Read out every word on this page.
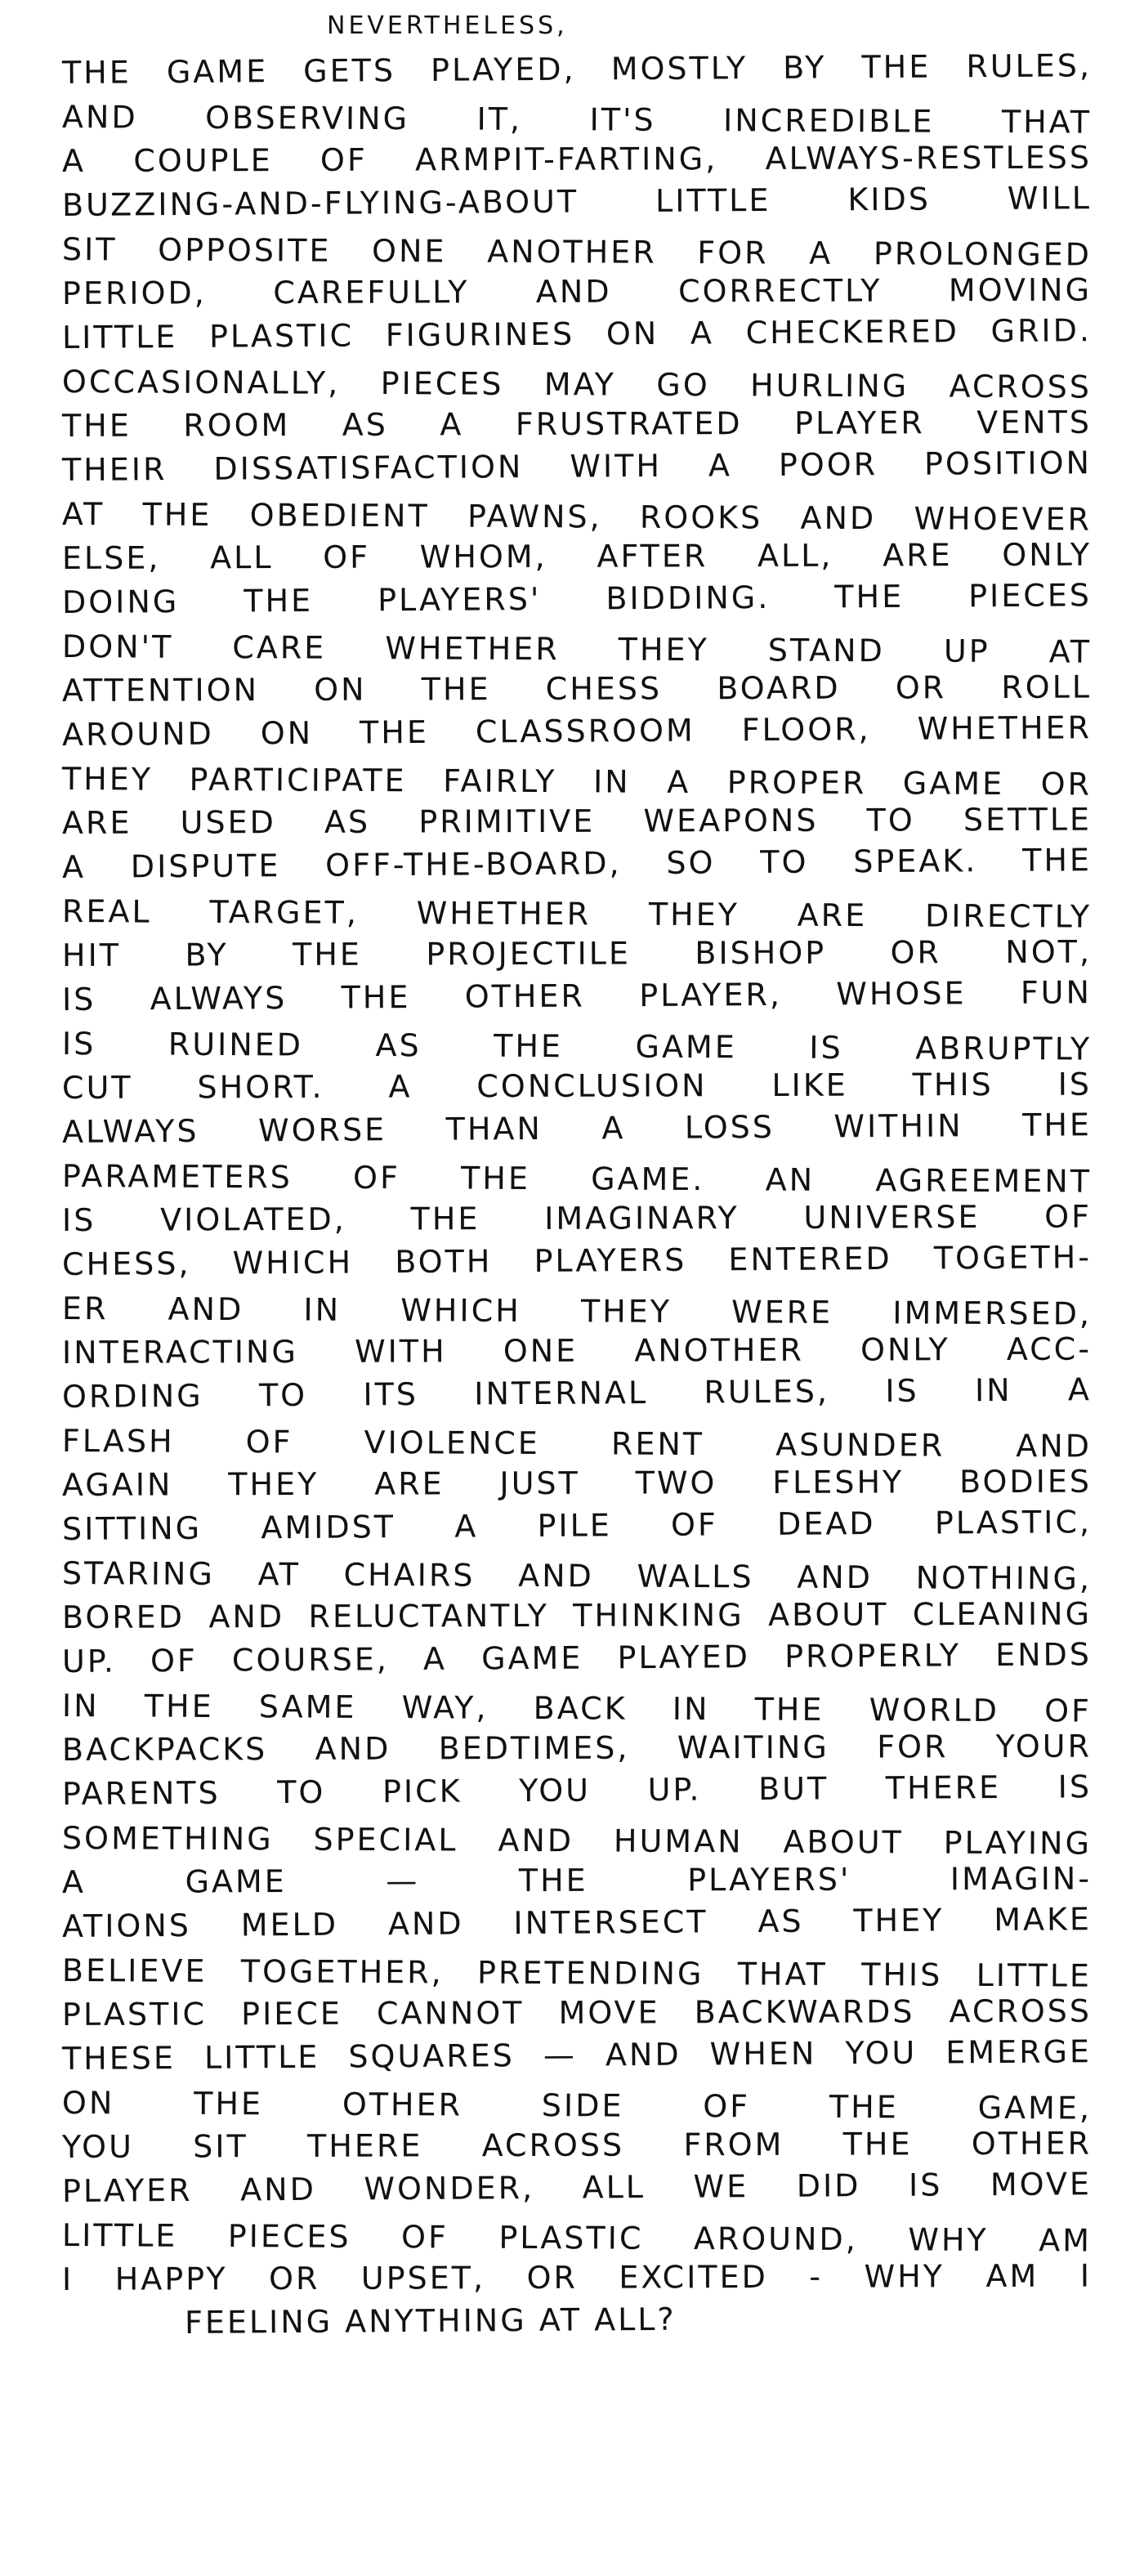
NEVERTHELESS,
THE GAME GETS PLAYED, MOSTLY BY THE RULES,
AND OBSERVING IT, IT'S INCREDIBLE THAT
A COUPLE OF ARMPIT-FARTING, ALWAYS-RESTLESS
BUZZING-AND-FLYING-ABOUT LITTLE KIDS WILL
SIT OPPOSITE ONE ANOTHER FOR A PROLONGED
PERIOD, CAREFULLY AND CORRECTLY MOVING
LITTLE PLASTIC FIGURINES ON A CHECKERED GRID.
OCCASIONALLY, PIECES MAY GO HURLING ACROSS
THE ROOM AS A FRUSTRATED PLAYER VENTS
THEIR DISSATISFACTION WITH A POOR POSITION
AT THE OBEDIENT PAWNS, ROOKS AND WHOEVER
ELSE, ALL OF WHOM, AFTER ALL, ARE ONLY
DOING THE PLAYERS' BIDDING. THE PIECES
DON'T CARE WHETHER THEY STAND UP AT
ATTENTION ON THE CHESS BOARD OR ROLL
AROUND ON THE CLASSROOM FLOOR, WHETHER
THEY PARTICIPATE FAIRLY IN A PROPER GAME OR
ARE USED AS PRIMITIVE WEAPONS TO SETTLE
A DISPUTE OFF-THE-BOARD, SO TO SPEAK. THE
REAL TARGET, WHETHER THEY ARE DIRECTLY
HIT BY THE PROJECTILE BISHOP OR NOT,
IS ALWAYS THE OTHER PLAYER, WHOSE FUN
IS RUINED AS THE GAME IS ABRUPTLY
CUT SHORT. A CONCLUSION LIKE THIS IS
ALWAYS WORSE THAN A LOSS WITHIN THE
PARAMETERS OF THE GAME. AN AGREEMENT
IS VIOLATED, THE IMAGINARY UNIVERSE OF
CHESS, WHICH BOTH PLAYERS ENTERED TOGETH-
ER AND IN WHICH THEY WERE IMMERSED,
INTERACTING WITH ONE ANOTHER ONLY ACC-
ORDING TO ITS INTERNAL RULES, IS IN A
FLASH OF VIOLENCE RENT ASUNDER AND
AGAIN THEY ARE JUST TWO FLESHY BODIES
SITTING AMIDST A PILE OF DEAD PLASTIC,
STARING AT CHAIRS AND WALLS AND NOTHING,
BORED AND RELUCTANTLY THINKING ABOUT CLEANING
UP. OF COURSE, A GAME PLAYED PROPERLY ENDS
IN THE SAME WAY, BACK IN THE WORLD OF
BACKPACKS AND BEDTIMES, WAITING FOR YOUR
PARENTS TO PICK YOU UP. BUT THERE IS
SOMETHING SPECIAL AND HUMAN ABOUT PLAYING
A GAME — THE PLAYERS' IMAGIN-
ATIONS MELD AND INTERSECT AS THEY MAKE
BELIEVE TOGETHER, PRETENDING THAT THIS LITTLE
PLASTIC PIECE CANNOT MOVE BACKWARDS ACROSS
THESE LITTLE SQUARES — AND WHEN YOU EMERGE
ON THE OTHER SIDE OF THE GAME,
YOU SIT THERE ACROSS FROM THE OTHER
PLAYER AND WONDER, ALL WE DID IS MOVE
LITTLE PIECES OF PLASTIC AROUND, WHY AM
I HAPPY OR UPSET, OR EXCITED - WHY AM I
FEELING ANYTHING AT ALL?
